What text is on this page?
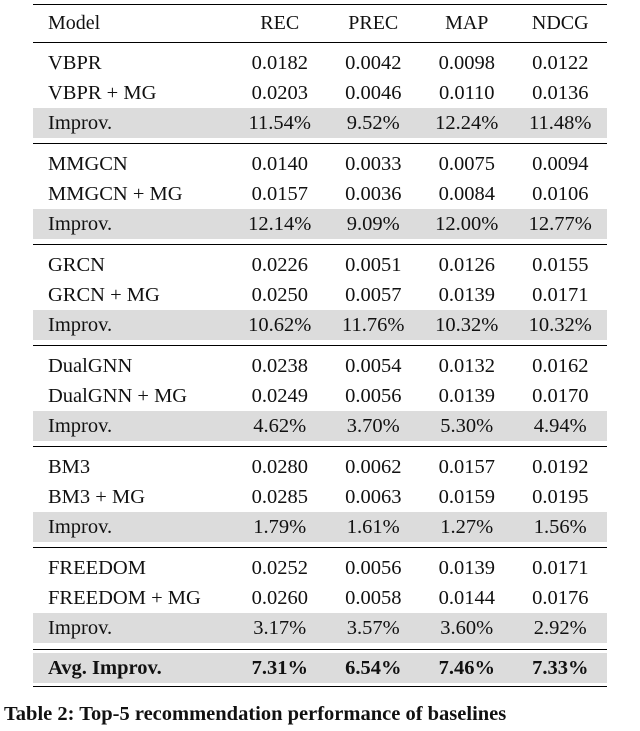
Model	REC	PREC	MAP	NDCG
VBPR	0.0182	0.0042	0.0098	0.0122
VBPR + MG	0.0203	0.0046	0.0110	0.0136
Improv.	11.54%	9.52%	12.24%	11.48%
MMGCN	0.0140	0.0033	0.0075	0.0094
MMGCN + MG	0.0157	0.0036	0.0084	0.0106
Improv.	12.14%	9.09%	12.00%	12.77%
GRCN	0.0226	0.0051	0.0126	0.0155
GRCN + MG	0.0250	0.0057	0.0139	0.0171
Improv.	10.62%	11.76%	10.32%	10.32%
DualGNN	0.0238	0.0054	0.0132	0.0162
DualGNN + MG	0.0249	0.0056	0.0139	0.0170
Improv.	4.62%	3.70%	5.30%	4.94%
BM3	0.0280	0.0062	0.0157	0.0192
BM3 + MG	0.0285	0.0063	0.0159	0.0195
Improv.	1.79%	1.61%	1.27%	1.56%
FREEDOM	0.0252	0.0056	0.0139	0.0171
FREEDOM + MG	0.0260	0.0058	0.0144	0.0176
Improv.	3.17%	3.57%	3.60%	2.92%
Avg. Improv.	7.31%	6.54%	7.46%	7.33%
Table 2: Top-5 recommendation performance of baselines
